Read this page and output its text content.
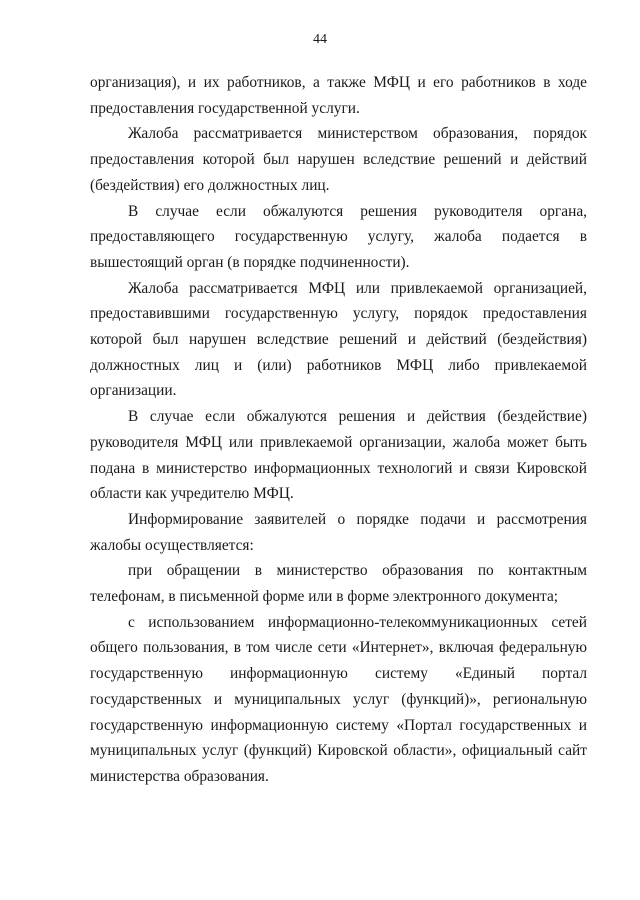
44

организация), и их работников, а также МФЦ и его работников в ходе предоставления государственной услуги.

Жалоба рассматривается министерством образования, порядок предоставления которой был нарушен вследствие решений и действий (бездействия) его должностных лиц.

В случае если обжалуются решения руководителя органа, предоставляющего государственную услугу, жалоба подается в вышестоящий орган (в порядке подчиненности).

Жалоба рассматривается МФЦ или привлекаемой организацией, предоставившими государственную услугу, порядок предоставления которой был нарушен вследствие решений и действий (бездействия) должностных лиц и (или) работников МФЦ либо привлекаемой организации.

В случае если обжалуются решения и действия (бездействие) руководителя МФЦ или привлекаемой организации, жалоба может быть подана в министерство информационных технологий и связи Кировской области как учредителю МФЦ.

Информирование заявителей о порядке подачи и рассмотрения жалобы осуществляется:

при обращении в министерство образования по контактным телефонам, в письменной форме или в форме электронного документа;

с использованием информационно-телекоммуникационных сетей общего пользования, в том числе сети «Интернет», включая федеральную государственную информационную систему «Единый портал государственных и муниципальных услуг (функций)», региональную государственную информационную систему «Портал государственных и муниципальных услуг (функций) Кировской области», официальный сайт министерства образования.
